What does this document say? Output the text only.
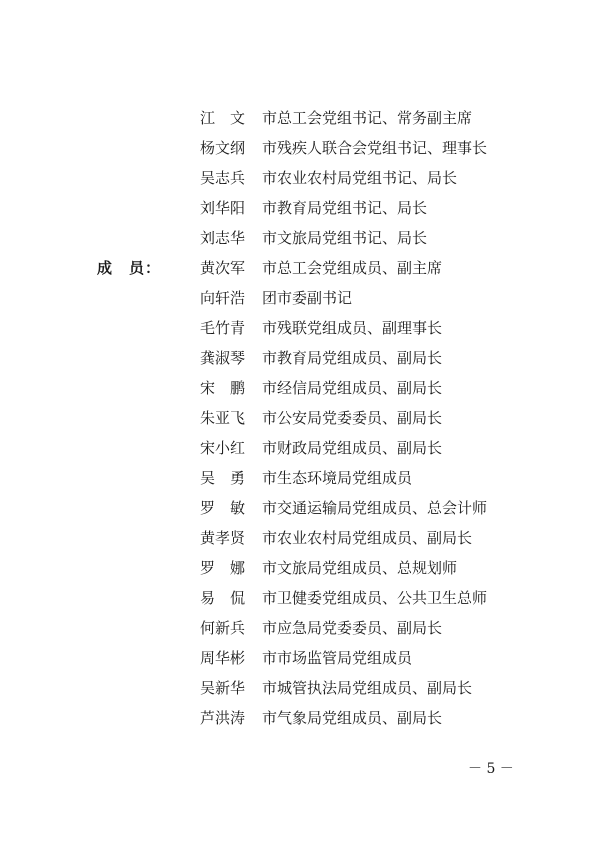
江　文	市总工会党组书记、常务副主席
杨文纲	市残疾人联合会党组书记、理事长
吴志兵	市农业农村局党组书记、局长
刘华阳	市教育局党组书记、局长
刘志华	市文旅局党组书记、局长
成　员：	黄次军	市总工会党组成员、副主席
向轩浩	团市委副书记
毛竹青	市残联党组成员、副理事长
龚淑琴	市教育局党组成员、副局长
宋　鹏	市经信局党组成员、副局长
朱亚飞	市公安局党委委员、副局长
宋小红	市财政局党组成员、副局长
吴　勇	市生态环境局党组成员
罗　敏	市交通运输局党组成员、总会计师
黄孝贤	市农业农村局党组成员、副局长
罗　娜	市文旅局党组成员、总规划师
易　侃	市卫健委党组成员、公共卫生总师
何新兵	市应急局党委委员、副局长
周华彬	市市场监管局党组成员
吴新华	市城管执法局党组成员、副局长
芦洪涛	市气象局党组成员、副局长
－ 5 －
